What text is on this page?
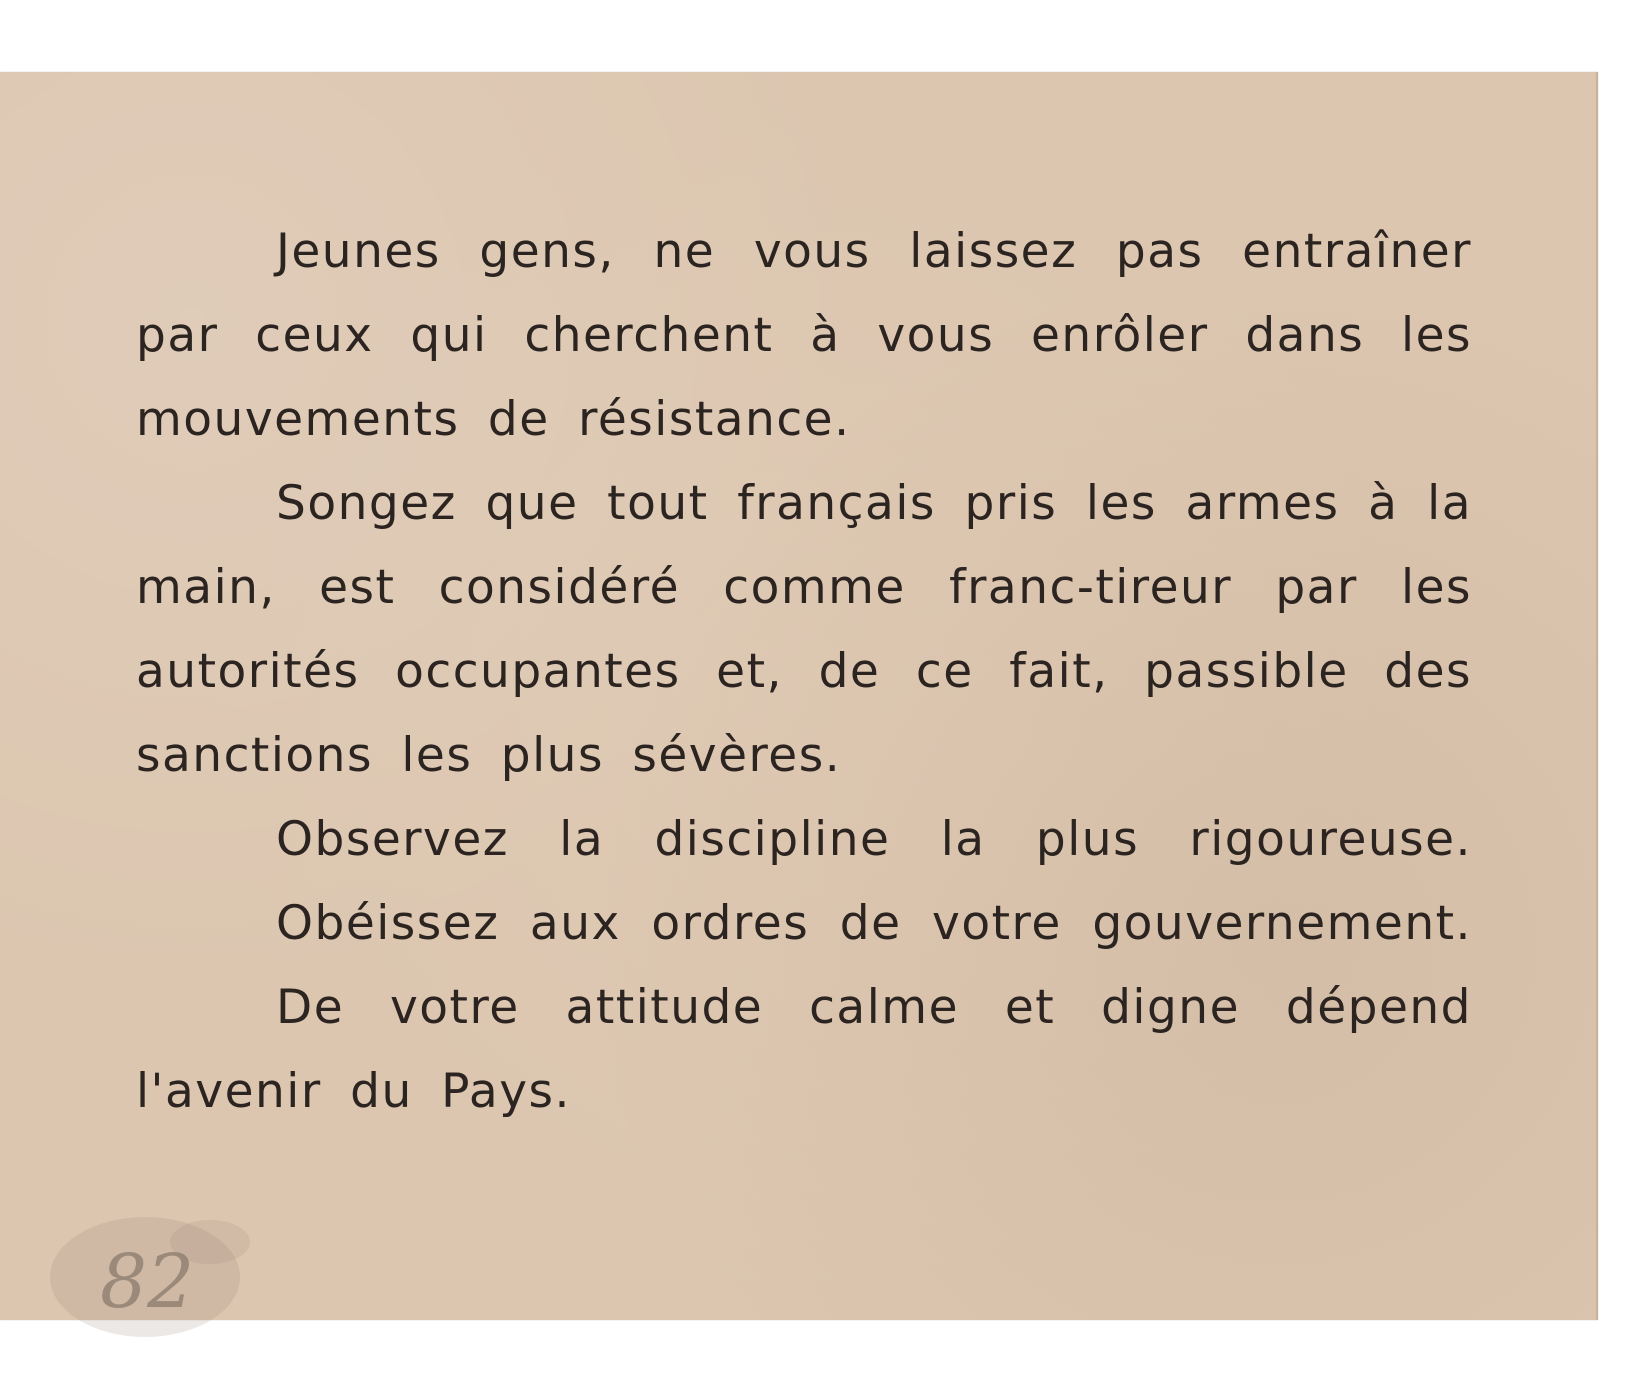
Jeunes gens, ne vous laissez pas entraîner par ceux qui cherchent à vous enrôler dans les mouvements de résistance.

Songez que tout français pris les armes à la main, est considéré comme franc-tireur par les autorités occupantes et, de ce fait, passible des sanctions les plus sévères.

Observez la discipline la plus rigoureuse.

Obéissez aux ordres de votre gouvernement.

De votre attitude calme et digne dépend l'avenir du Pays.

82
